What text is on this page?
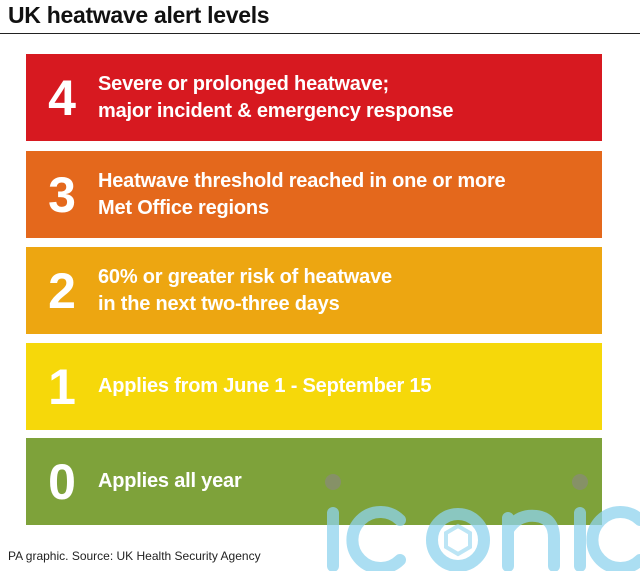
UK heatwave alert levels
4	Severe or prolonged heatwave;
major incident & emergency response
3	Heatwave threshold reached in one or more
Met Office regions
2	60% or greater risk of heatwave
in the next two-three days
1	Applies from June 1 - September 15
0	Applies all year
PA graphic. Source: UK Health Security Agency
